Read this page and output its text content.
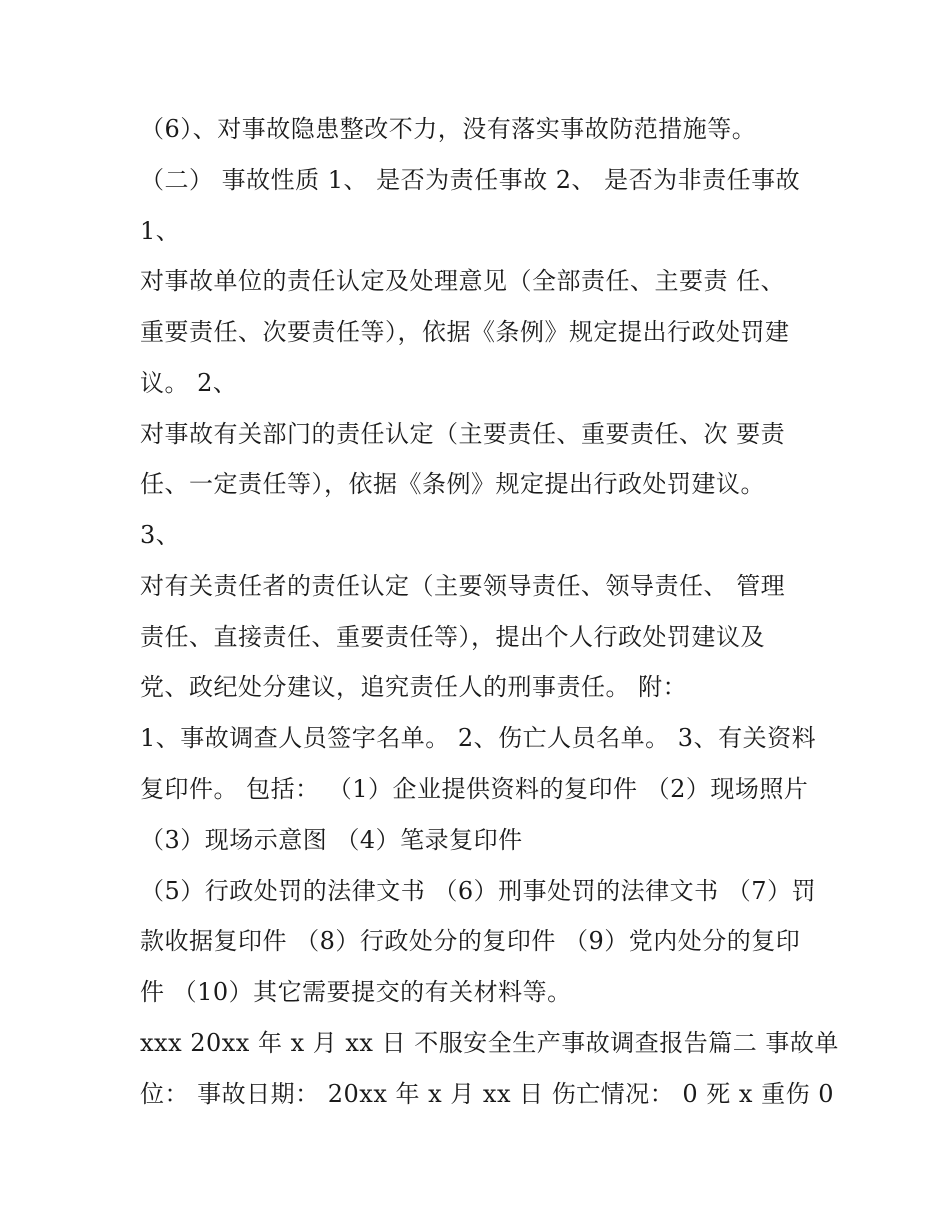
（6）、对事故隐患整改不力，没有落实事故防范措施等。
（二） 事故性质 1、 是否为责任事故 2、 是否为非责任事故
1、
对事故单位的责任认定及处理意见（全部责任、主要责 任、
重要责任、次要责任等），依据《条例》规定提出行政处罚建
议。 2、
对事故有关部门的责任认定（主要责任、重要责任、次 要责
任、一定责任等），依据《条例》规定提出行政处罚建议。
3、
对有关责任者的责任认定（主要领导责任、领导责任、 管理
责任、直接责任、重要责任等），提出个人行政处罚建议及
党、政纪处分建议，追究责任人的刑事责任。 附：
1、事故调查人员签字名单。 2、伤亡人员名单。 3、有关资料
复印件。 包括： （1）企业提供资料的复印件 （2）现场照片
（3）现场示意图 （4）笔录复印件
（5）行政处罚的法律文书 （6）刑事处罚的法律文书 （7）罚
款收据复印件 （8）行政处分的复印件 （9）党内处分的复印
件 （10）其它需要提交的有关材料等。
xxx 20xx 年 x 月 xx 日 不服安全生产事故调查报告篇二 事故单
位： 事故日期： 20xx 年 x 月 xx 日 伤亡情况： 0 死 x 重伤 0
